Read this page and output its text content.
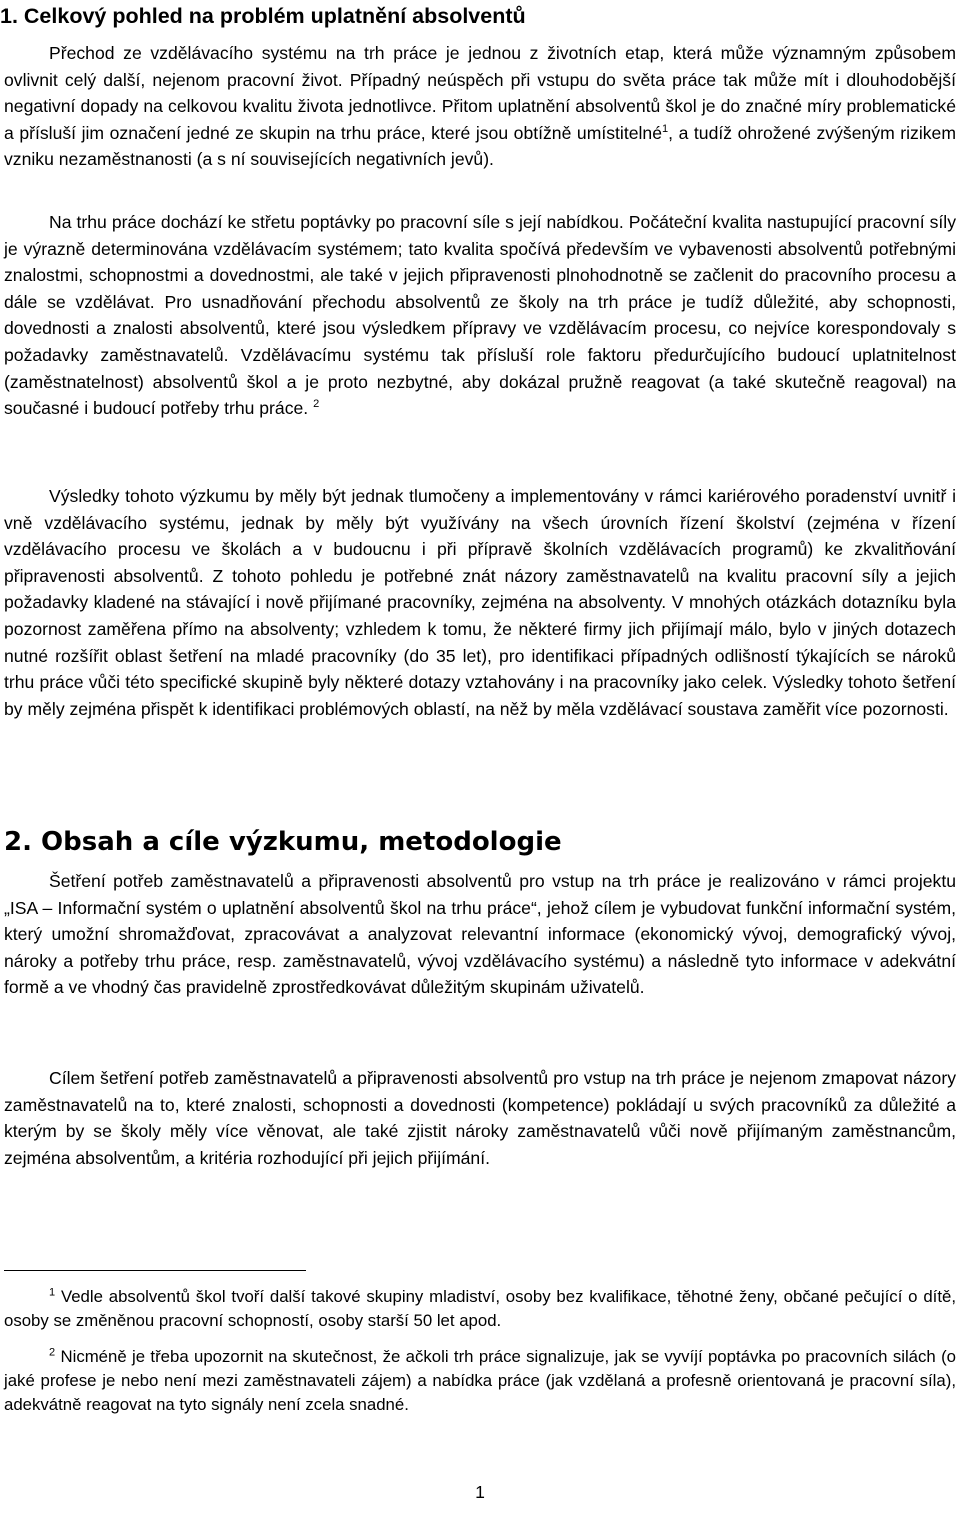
1. Celkový pohled na problém uplatnění absolventů

Přechod ze vzdělávacího systému na trh práce je jednou z životních etap, která může významným způsobem ovlivnit celý další, nejenom pracovní život. Případný neúspěch při vstupu do světa práce tak může mít i dlouhodobější negativní dopady na celkovou kvalitu života jednotlivce. Přitom uplatnění absolventů škol je do značné míry problematické a přísluší jim označení jedné ze skupin na trhu práce, které jsou obtížně umístitelné$^1$, a tudíž ohrožené zvýšeným rizikem vzniku nezaměstnanosti (a s ní souvisejících negativních jevů).

Na trhu práce dochází ke střetu poptávky po pracovní síle s její nabídkou. Počáteční kvalita nastupující pracovní síly je výrazně determinována vzdělávacím systémem; tato kvalita spočívá především ve vybavenosti absolventů potřebnými znalostmi, schopnostmi a dovednostmi, ale také v jejich připravenosti plnohodnotně se začlenit do pracovního procesu a dále se vzdělávat. Pro usnadňování přechodu absolventů ze školy na trh práce je tudíž důležité, aby schopnosti, dovednosti a znalosti absolventů, které jsou výsledkem přípravy ve vzdělávacím procesu, co nejvíce korespondovaly s požadavky zaměstnavatelů. Vzdělávacímu systému tak přísluší role faktoru předurčujícího budoucí uplatnitelnost (zaměstnatelnost) absolventů škol a je proto nezbytné, aby dokázal pružně reagovat (a také skutečně reagoval) na současné i budoucí potřeby trhu práce. $^2$

Výsledky tohoto výzkumu by měly být jednak tlumočeny a implementovány v rámci kariérového poradenství uvnitř i vně vzdělávacího systému, jednak by měly být využívány na všech úrovních řízení školství (zejména v řízení vzdělávacího procesu ve školách a v budoucnu i při přípravě školních vzdělávacích programů) ke zkvalitňování připravenosti absolventů. Z tohoto pohledu je potřebné znát názory zaměstnavatelů na kvalitu pracovní síly a jejich požadavky kladené na stávající i nově přijímané pracovníky, zejména na absolventy. V mnohých otázkách dotazníku byla pozornost zaměřena přímo na absolventy; vzhledem k tomu, že některé firmy jich přijímají málo, bylo v jiných dotazech nutné rozšířit oblast šetření na mladé pracovníky (do 35 let), pro identifikaci případných odlišností týkajících se nároků trhu práce vůči této specifické skupině byly některé dotazy vztahovány i na pracovníky jako celek. Výsledky tohoto šetření by měly zejména přispět k identifikaci problémových oblastí, na něž by měla vzdělávací soustava zaměřit více pozornosti.

2. Obsah a cíle výzkumu, metodologie

Šetření potřeb zaměstnavatelů a připravenosti absolventů pro vstup na trh práce je realizováno v rámci projektu „ISA – Informační systém o uplatnění absolventů škol na trhu práce“, jehož cílem je vybudovat funkční informační systém, který umožní shromažďovat, zpracovávat a analyzovat relevantní informace (ekonomický vývoj, demografický vývoj, nároky a potřeby trhu práce, resp. zaměstnavatelů, vývoj vzdělávacího systému) a následně tyto informace v adekvátní formě a ve vhodný čas pravidelně zprostředkovávat důležitým skupinám uživatelů.

Cílem šetření potřeb zaměstnavatelů a připravenosti absolventů pro vstup na trh práce je nejenom zmapovat názory zaměstnavatelů na to, které znalosti, schopnosti a dovednosti (kompetence) pokládají u svých pracovníků za důležité a kterým by se školy měly více věnovat, ale také zjistit nároky zaměstnavatelů vůči nově přijímaným zaměstnancům, zejména absolventům, a kritéria rozhodující při jejich přijímání.

$^1$ Vedle absolventů škol tvoří další takové skupiny mladiství, osoby bez kvalifikace, těhotné ženy, občané pečující o dítě, osoby se změněnou pracovní schopností, osoby starší 50 let apod.

$^2$ Nicméně je třeba upozornit na skutečnost, že ačkoli trh práce signalizuje, jak se vyvíjí poptávka po pracovních silách (o jaké profese je nebo není mezi zaměstnavateli zájem) a nabídka práce (jak vzdělaná a profesně orientovaná je pracovní síla), adekvátně reagovat na tyto signály není zcela snadné.

1
